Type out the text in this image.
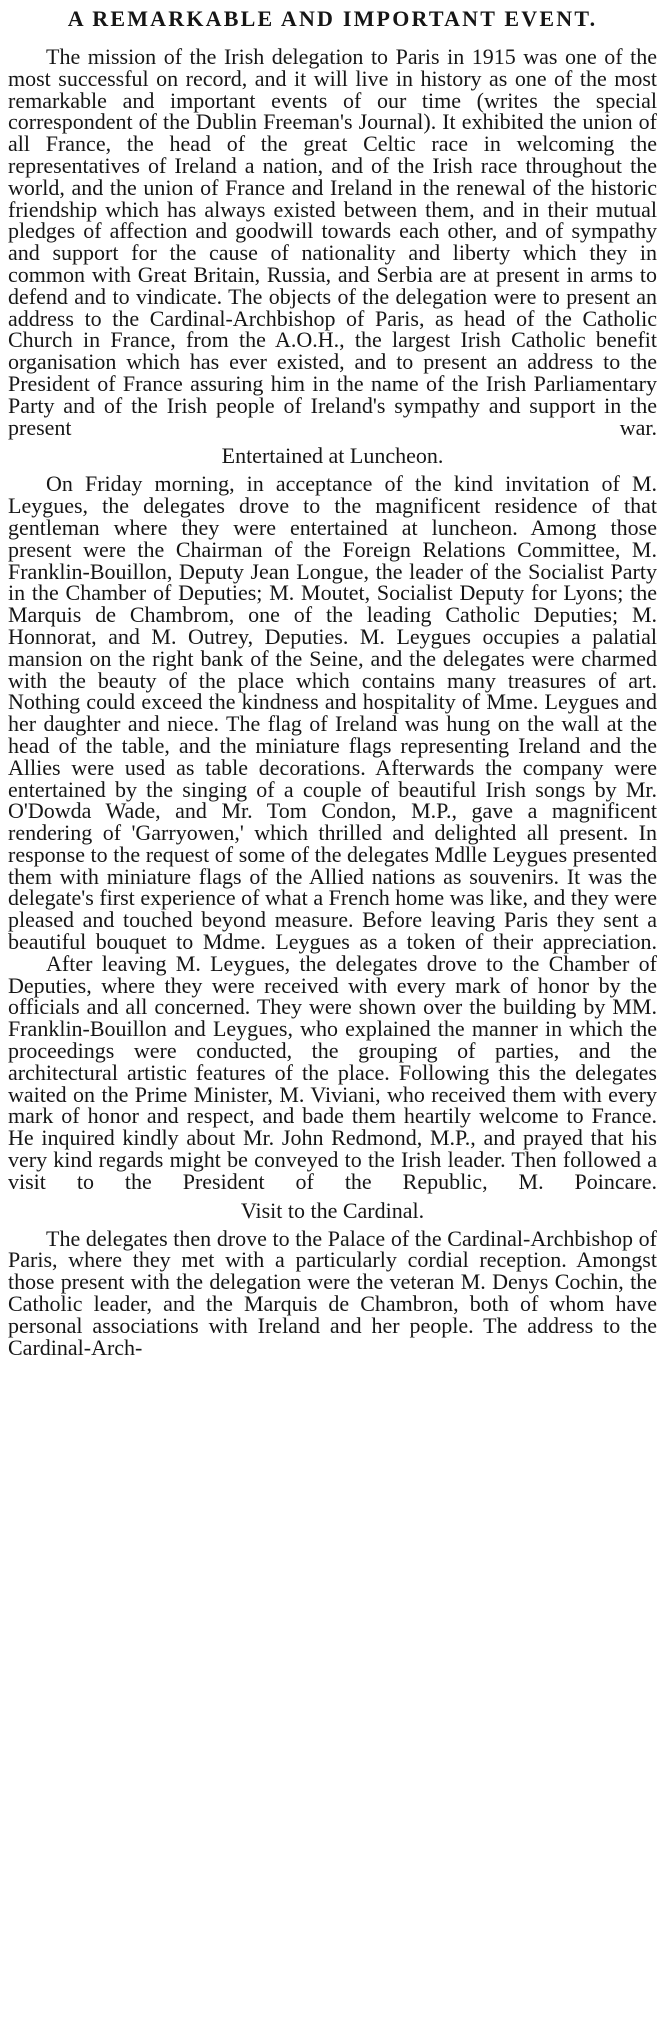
A REMARKABLE AND IMPORTANT EVENT.

The mission of the Irish delegation to Paris in 1915 was one of the most successful on record, and it will live in history as one of the most remarkable and important events of our time (writes the special correspondent of the Dublin Freeman's Journal). It exhibited the union of all France, the head of the great Celtic race in welcoming the representatives of Ireland a nation, and of the Irish race throughout the world, and the union of France and Ireland in the renewal of the historic friendship which has always existed between them, and in their mutual pledges of affection and goodwill towards each other, and of sympathy and support for the cause of nationality and liberty which they in common with Great Britain, Russia, and Serbia are at present in arms to defend and to vindicate. The objects of the delegation were to present an address to the Cardinal-Archbishop of Paris, as head of the Catholic Church in France, from the A.O.H., the largest Irish Catholic benefit organisation which has ever existed, and to present an address to the President of France assuring him in the name of the Irish Parliamentary Party and of the Irish people of Ireland's sympathy and support in the present war.

Entertained at Luncheon.

On Friday morning, in acceptance of the kind invitation of M. Leygues, the delegates drove to the magnificent residence of that gentleman where they were entertained at luncheon. Among those present were the Chairman of the Foreign Relations Committee, M. Franklin-Bouillon, Deputy Jean Longue, the leader of the Socialist Party in the Chamber of Deputies; M. Moutet, Socialist Deputy for Lyons; the Marquis de Chambrom, one of the leading Catholic Deputies; M. Honnorat, and M. Outrey, Deputies. M. Leygues occupies a palatial mansion on the right bank of the Seine, and the delegates were charmed with the beauty of the place which contains many treasures of art. Nothing could exceed the kindness and hospitality of Mme. Leygues and her daughter and niece. The flag of Ireland was hung on the wall at the head of the table, and the miniature flags representing Ireland and the Allies were used as table decorations. Afterwards the company were entertained by the singing of a couple of beautiful Irish songs by Mr. O'Dowda Wade, and Mr. Tom Condon, M.P., gave a magnificent rendering of 'Garryowen,' which thrilled and delighted all present. In response to the request of some of the delegates Mdlle Leygues presented them with miniature flags of the Allied nations as souvenirs. It was the delegate's first experience of what a French home was like, and they were pleased and touched beyond measure. Before leaving Paris they sent a beautiful bouquet to Mdme. Leygues as a token of their appreciation.

After leaving M. Leygues, the delegates drove to the Chamber of Deputies, where they were received with every mark of honor by the officials and all concerned. They were shown over the building by MM. Franklin-Bouillon and Leygues, who explained the manner in which the proceedings were conducted, the grouping of parties, and the architectural artistic features of the place. Following this the delegates waited on the Prime Minister, M. Viviani, who received them with every mark of honor and respect, and bade them heartily welcome to France. He inquired kindly about Mr. John Redmond, M.P., and prayed that his very kind regards might be conveyed to the Irish leader. Then followed a visit to the President of the Republic, M. Poincare.

Visit to the Cardinal.

The delegates then drove to the Palace of the Cardinal-Archbishop of Paris, where they met with a particularly cordial reception. Amongst those present with the delegation were the veteran M. Denys Cochin, the Catholic leader, and the Marquis de Chambron, both of whom have personal associations with Ireland and her people. The address to the Cardinal-Arch-
